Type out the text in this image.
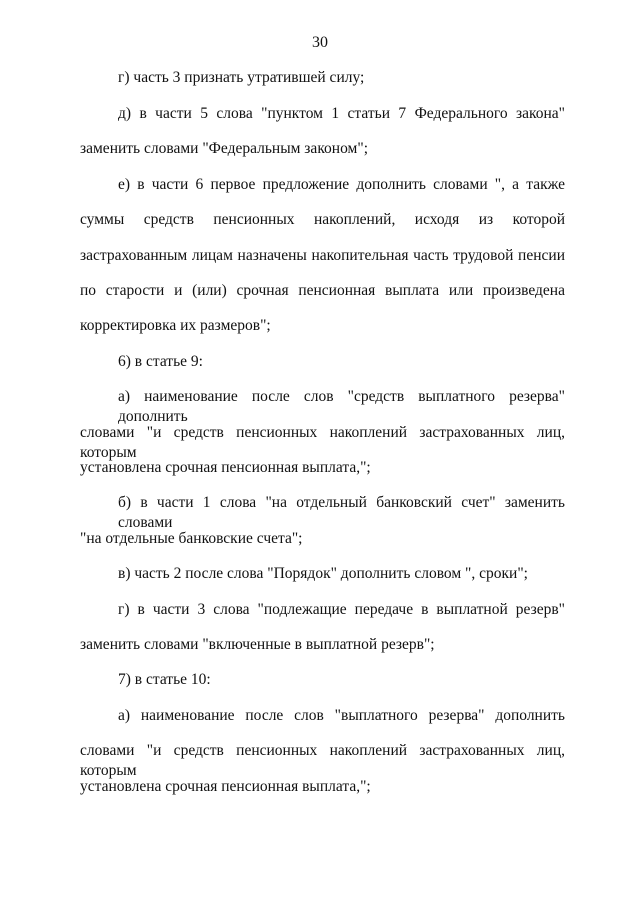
30
г) часть 3 признать утратившей силу;
д) в части 5 слова "пунктом 1 статьи 7 Федерального закона"
заменить словами "Федеральным законом";
е) в части 6 первое предложение дополнить словами ", а также
суммы средств пенсионных накоплений, исходя из которой
застрахованным лицам назначены накопительная часть трудовой пенсии
по старости и (или) срочная пенсионная выплата или произведена
корректировка их размеров";
6) в статье 9:
а) наименование после слов "средств выплатного резерва" дополнить
словами "и средств пенсионных накоплений застрахованных лиц, которым
установлена срочная пенсионная выплата,";
б) в части 1 слова "на отдельный банковский счет" заменить словами
"на отдельные банковские счета";
в) часть 2 после слова "Порядок" дополнить словом ", сроки";
г) в части 3 слова "подлежащие передаче в выплатной резерв"
заменить словами "включенные в выплатной резерв";
7) в статье 10:
а) наименование после слов "выплатного резерва" дополнить
словами "и средств пенсионных накоплений застрахованных лиц, которым
установлена срочная пенсионная выплата,";
